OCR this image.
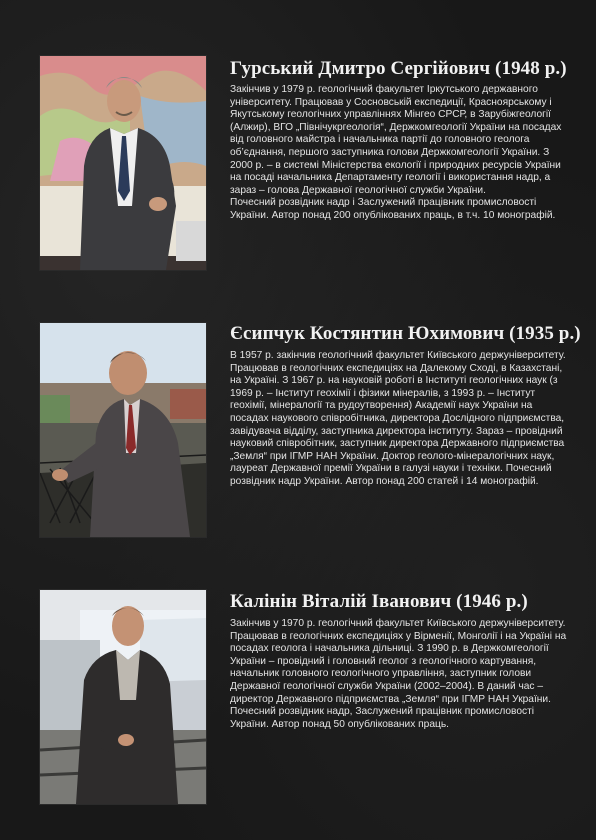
Гурський Дмитро Сергійович (1948 р.)

Закінчив у 1979 р. геологічний факультет Іркутського державного університету. Працював у Сосновській експедиції, Красноярському і Якутському геологічних управліннях Мінгео СРСР, в Зарубіжгеології (Алжир), ВГО „Північукргеологія“, Держкомгеології України на посадах від головного майстра і начальника партії до головного геолога об’єднання, першого заступника голови Держкомгеології України. З 2000 р. – в системі Міністерства екології і природних ресурсів України на посаді начальника Департаменту геології і використання надр, а зараз – голова Державної геологічної служби України.

Почесний розвідник надр і Заслужений працівник промисловості України. Автор понад 200 опублікованих праць, в т.ч. 10 монографій.

Єсипчук Костянтин Юхимович (1935 р.)

В 1957 р. закінчив геологічний факультет Київського держуніверситету. Працював в геологічних експедиціях на Далекому Сході, в Казахстані, на Україні. З 1967 р. на науковій роботі в Інституті геологічних наук (з 1969 р. – Інститут геохімії і фізики мінералів, з 1993 р. – Інститут геохімії, мінералогії та рудоутворення) Академії наук України на посадах наукового співробітника, директора Дослідного підприємства, завідувача відділу, заступника директора інституту. Зараз – провідний науковий співробітник, заступник директора Державного підприємства „Земля“ при ІГМР НАН України. Доктор геолого-мінералогічних наук, лауреат Державної премії України в галузі науки і техніки. Почесний розвідник надр України. Автор понад 200 статей і 14 монографій.

Калінін Віталій Іванович (1946 р.)

Закінчив у 1970 р. геологічний факультет Київського держуніверситету. Працював в геологічних експедиціях у Вірменії, Монголії і на Україні на посадах геолога і начальника дільниці. З 1990 р. в Держкомгеології України – провідний і головний геолог з геологічного картування, начальник головного геологічного управління, заступник голови Державної геологічної служби України (2002–2004). В даний час – директор Державного підприємства „Земля“ при ІГМР НАН України. Почесний розвідник надр, Заслужений працівник промисловості України. Автор понад 50 опублікованих праць.
